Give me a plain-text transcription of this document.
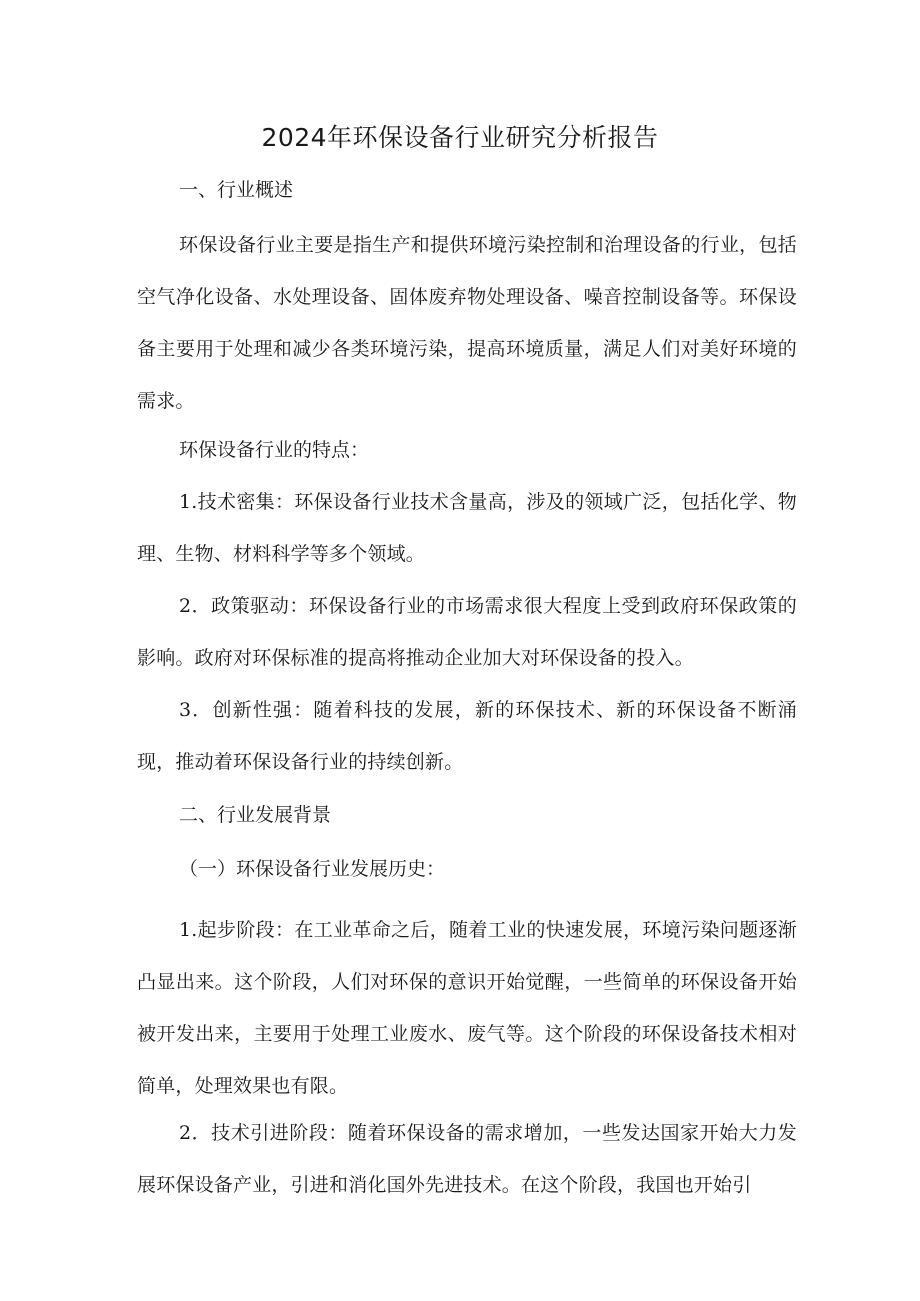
2024年环保设备行业研究分析报告

一、行业概述

环保设备行业主要是指生产和提供环境污染控制和治理设备的行业，包括空气净化设备、水处理设备、固体废弃物处理设备、噪音控制设备等。环保设备主要用于处理和减少各类环境污染，提高环境质量，满足人们对美好环境的需求。

环保设备行业的特点：

1.技术密集：环保设备行业技术含量高，涉及的领域广泛，包括化学、物理、生物、材料科学等多个领域。

2．政策驱动：环保设备行业的市场需求很大程度上受到政府环保政策的影响。政府对环保标准的提高将推动企业加大对环保设备的投入。

3．创新性强：随着科技的发展，新的环保技术、新的环保设备不断涌现，推动着环保设备行业的持续创新。

二、行业发展背景

（一）环保设备行业发展历史：

1.起步阶段：在工业革命之后，随着工业的快速发展，环境污染问题逐渐凸显出来。这个阶段，人们对环保的意识开始觉醒，一些简单的环保设备开始被开发出来，主要用于处理工业废水、废气等。这个阶段的环保设备技术相对简单，处理效果也有限。

2．技术引进阶段：随着环保设备的需求增加，一些发达国家开始大力发展环保设备产业，引进和消化国外先进技术。在这个阶段，我国也开始引
